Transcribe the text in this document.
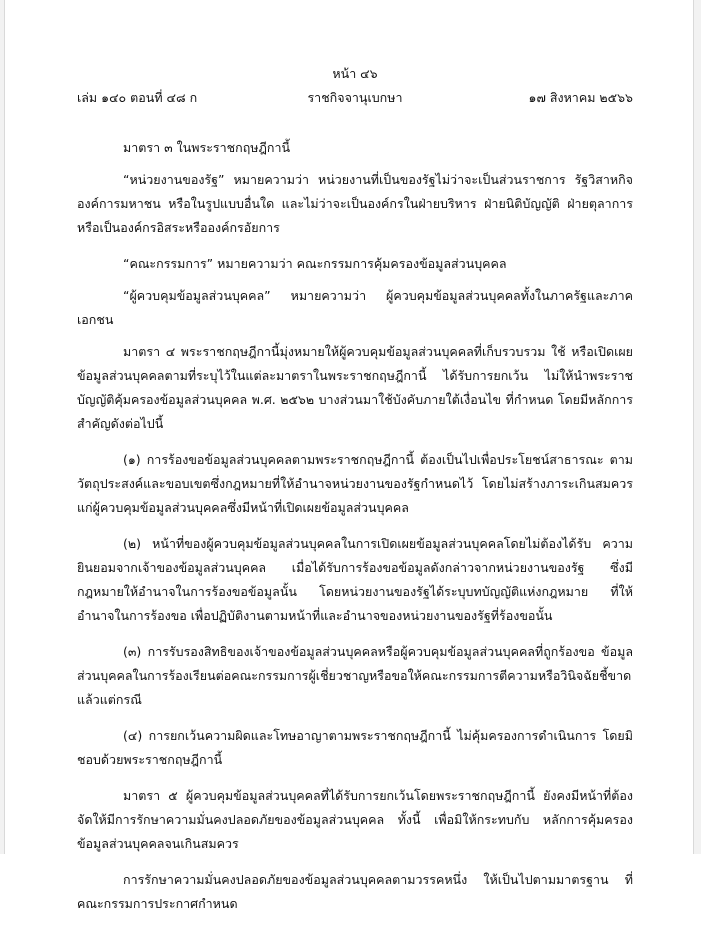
หน้า ๔๖
เล่ม ๑๔๐ ตอนที่ ๔๘ ก	ราชกิจจานุเบกษา	๑๗ สิงหาคม ๒๕๖๖

มาตรา ๓ ในพระราชกฤษฎีกานี้

“หน่วยงานของรัฐ” หมายความว่า หน่วยงานที่เป็นของรัฐไม่ว่าจะเป็นส่วนราชการ รัฐวิสาหกิจ องค์การมหาชน หรือในรูปแบบอื่นใด และไม่ว่าจะเป็นองค์กรในฝ่ายบริหาร ฝ่ายนิติบัญญัติ ฝ่ายตุลาการ หรือเป็นองค์กรอิสระหรือองค์กรอัยการ

“คณะกรรมการ” หมายความว่า คณะกรรมการคุ้มครองข้อมูลส่วนบุคคล

“ผู้ควบคุมข้อมูลส่วนบุคคล” หมายความว่า ผู้ควบคุมข้อมูลส่วนบุคคลทั้งในภาครัฐและภาคเอกชน

มาตรา ๔ พระราชกฤษฎีกานี้มุ่งหมายให้ผู้ควบคุมข้อมูลส่วนบุคคลที่เก็บรวบรวม ใช้ หรือเปิดเผยข้อมูลส่วนบุคคลตามที่ระบุไว้ในแต่ละมาตราในพระราชกฤษฎีกานี้ ได้รับการยกเว้น ไม่ให้นำพระราชบัญญัติคุ้มครองข้อมูลส่วนบุคคล พ.ศ. ๒๕๖๒ บางส่วนมาใช้บังคับภายใต้เงื่อนไข ที่กำหนด โดยมีหลักการสำคัญดังต่อไปนี้

(๑) การร้องขอข้อมูลส่วนบุคคลตามพระราชกฤษฎีกานี้ ต้องเป็นไปเพื่อประโยชน์สาธารณะ ตามวัตถุประสงค์และขอบเขตซึ่งกฎหมายที่ให้อำนาจหน่วยงานของรัฐกำหนดไว้ โดยไม่สร้างภาระเกินสมควร แก่ผู้ควบคุมข้อมูลส่วนบุคคลซึ่งมีหน้าที่เปิดเผยข้อมูลส่วนบุคคล

(๒) หน้าที่ของผู้ควบคุมข้อมูลส่วนบุคคลในการเปิดเผยข้อมูลส่วนบุคคลโดยไม่ต้องได้รับ ความยินยอมจากเจ้าของข้อมูลส่วนบุคคล เมื่อได้รับการร้องขอข้อมูลดังกล่าวจากหน่วยงานของรัฐ ซึ่งมีกฎหมายให้อำนาจในการร้องขอข้อมูลนั้น โดยหน่วยงานของรัฐได้ระบุบทบัญญัติแห่งกฎหมาย ที่ให้อำนาจในการร้องขอ เพื่อปฏิบัติงานตามหน้าที่และอำนาจของหน่วยงานของรัฐที่ร้องขอนั้น

(๓) การรับรองสิทธิของเจ้าของข้อมูลส่วนบุคคลหรือผู้ควบคุมข้อมูลส่วนบุคคลที่ถูกร้องขอ ข้อมูลส่วนบุคคลในการร้องเรียนต่อคณะกรรมการผู้เชี่ยวชาญหรือขอให้คณะกรรมการตีความหรือวินิจฉัยชี้ขาด แล้วแต่กรณี

(๔) การยกเว้นความผิดและโทษอาญาตามพระราชกฤษฎีกานี้ ไม่คุ้มครองการดำเนินการ โดยมิชอบด้วยพระราชกฤษฎีกานี้

มาตรา ๕ ผู้ควบคุมข้อมูลส่วนบุคคลที่ได้รับการยกเว้นโดยพระราชกฤษฎีกานี้ ยังคงมีหน้าที่ต้องจัดให้มีการรักษาความมั่นคงปลอดภัยของข้อมูลส่วนบุคคล ทั้งนี้ เพื่อมิให้กระทบกับ หลักการคุ้มครองข้อมูลส่วนบุคคลจนเกินสมควร

การรักษาความมั่นคงปลอดภัยของข้อมูลส่วนบุคคลตามวรรคหนึ่ง ให้เป็นไปตามมาตรฐาน ที่คณะกรรมการประกาศกำหนด
